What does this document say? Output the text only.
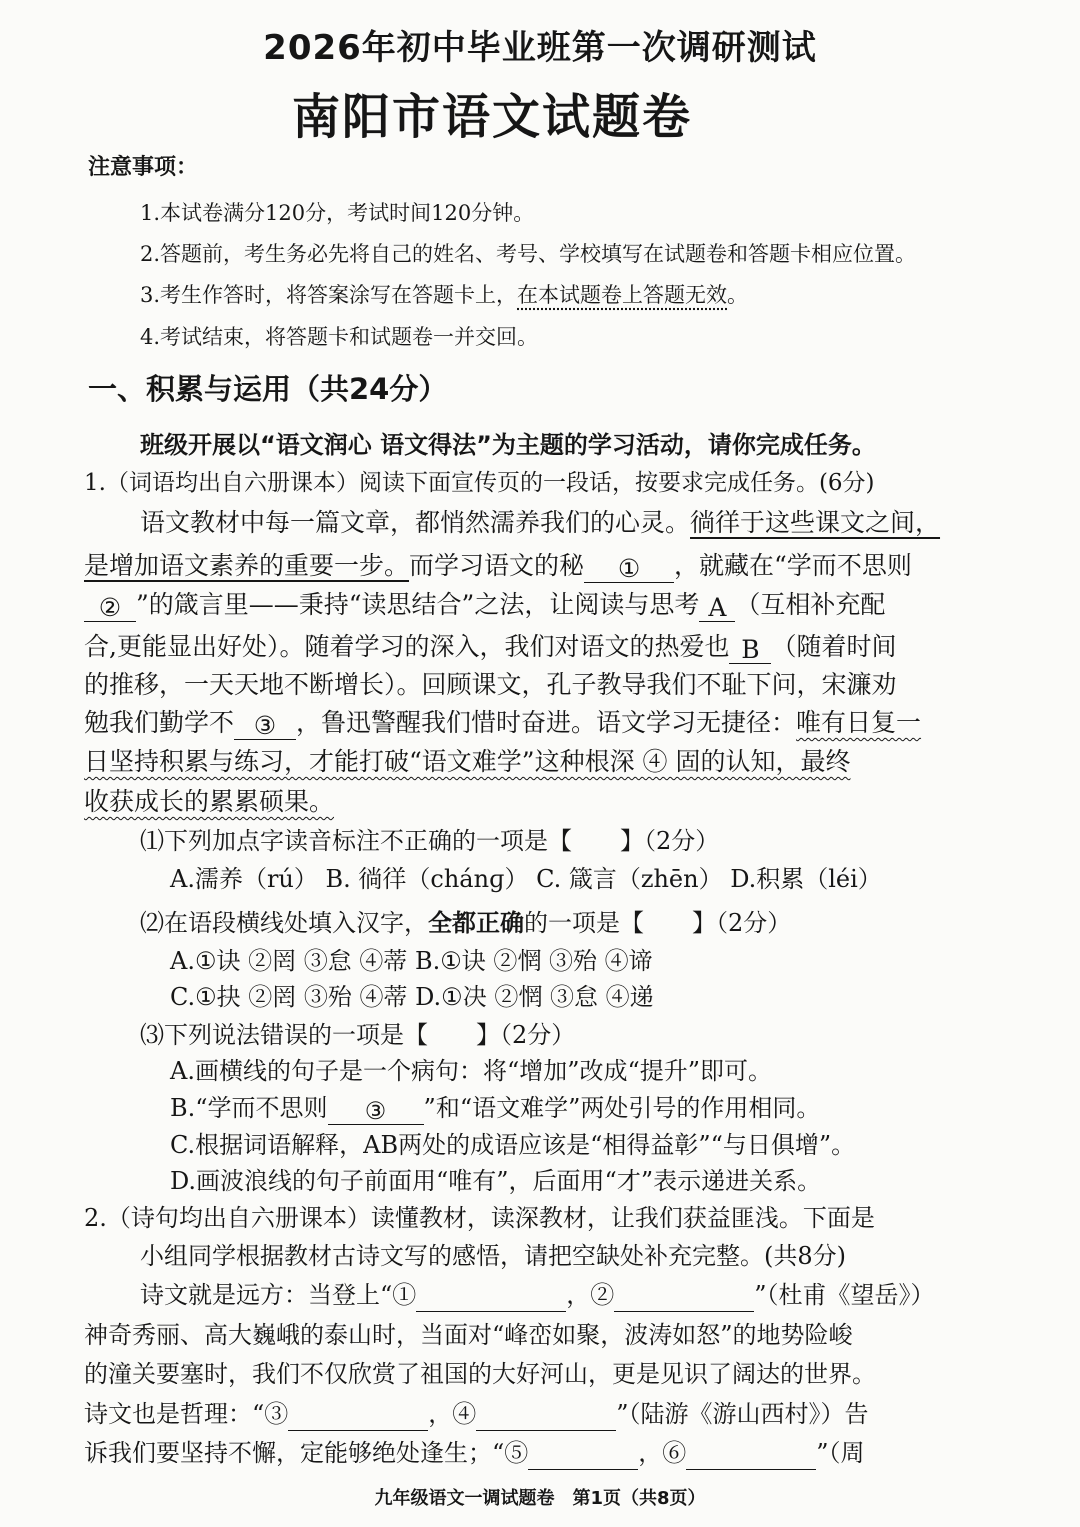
2026年初中毕业班第一次调研测试
南阳市语文试题卷
注意事项：
1.本试卷满分120分，考试时间120分钟。
2.答题前，考生务必先将自己的姓名、考号、学校填写在试题卷和答题卡相应位置。
3.考生作答时，将答案涂写在答题卡上，在本试题卷上答题无效。
4.考试结束，将答题卡和试题卷一并交回。
一、积累与运用（共24分）
班级开展以“语文润心 语文得法”为主题的学习活动，请你完成任务。
1.（词语均出自六册课本）阅读下面宣传页的一段话，按要求完成任务。(6分)
语文教材中每一篇文章，都悄然濡养我们的心灵。徜徉于这些课文之间，
是增加语文素养的重要一步。而学习语文的秘 ① ，就藏在“学而不思则
② ”的箴言里——秉持“读思结合”之法，让阅读与思考 A （互相补充配
合,更能显出好处）。随着学习的深入，我们对语文的热爱也 B （随着时间
的推移，一天天地不断增长）。回顾课文，孔子教导我们不耻下问，宋濂劝
勉我们勤学不 ③ ，鲁迅警醒我们惜时奋进。语文学习无捷径：唯有日复一
日坚持积累与练习，才能打破“语文难学”这种根深 ④ 固的认知，最终
收获成长的累累硕果。
⑴下列加点字读音标注不正确的一项是【　　】（2分）
A.濡养（rú） B. 徜徉（chánɡ） C. 箴言（zhēn） D.积累（léi）
⑵在语段横线处填入汉字，全都正确的一项是【　　】（2分）
A.①诀 ②罔 ③怠 ④蒂 B.①诀 ②惘 ③殆 ④谛
C.①抉 ②罔 ③殆 ④蒂 D.①决 ②惘 ③怠 ④递
⑶下列说法错误的一项是【　　】（2分）
A.画横线的句子是一个病句：将“增加”改成“提升”即可。
B.“学而不思则 ③ ”和“语文难学”两处引号的作用相同。
C.根据词语解释，AB两处的成语应该是“相得益彰”“与日俱增”。
D.画波浪线的句子前面用“唯有”，后面用“才”表示递进关系。
2.（诗句均出自六册课本）读懂教材，读深教材，让我们获益匪浅。下面是
小组同学根据教材古诗文写的感悟，请把空缺处补充完整。(共8分)
诗文就是远方：当登上“①	，②	”（杜甫《望岳》）
神奇秀丽、高大巍峨的泰山时，当面对“峰峦如聚，波涛如怒”的地势险峻
的潼关要塞时，我们不仅欣赏了祖国的大好河山，更是见识了阔达的世界。
诗文也是哲理：“③	，④	”（陆游《游山西村》）告
诉我们要坚持不懈，定能够绝处逢生；“⑤	，⑥	”（周
九年级语文一调试题卷　第1页（共8页）
